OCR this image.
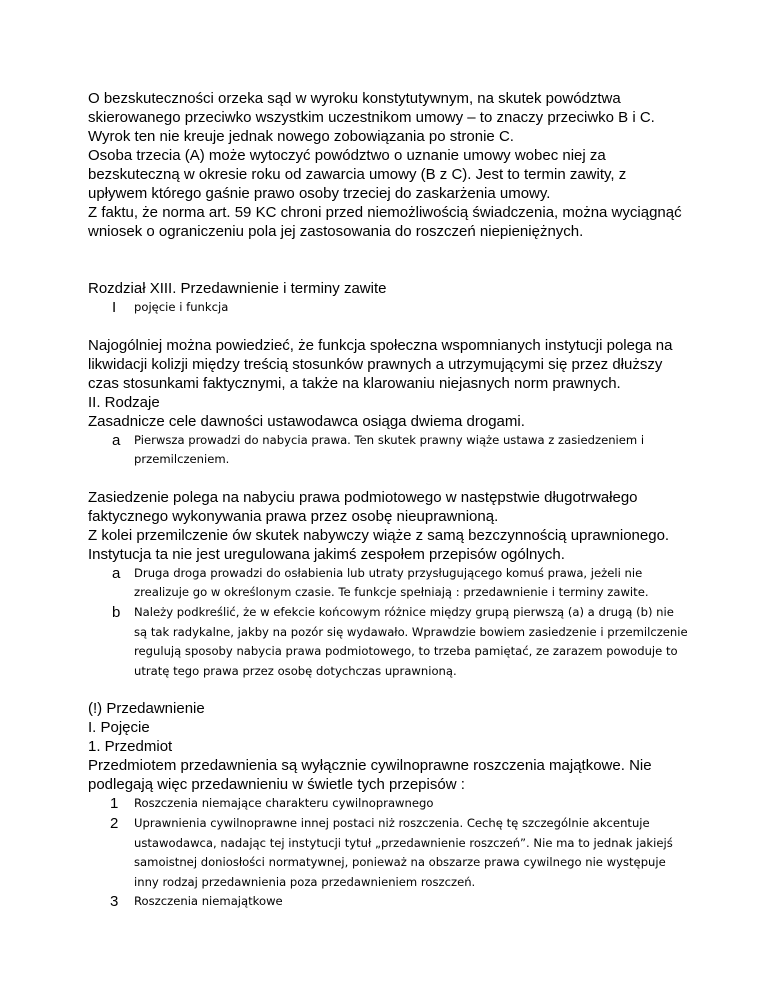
O bezskuteczności orzeka sąd w wyroku konstytutywnym, na skutek powództwa skierowanego przeciwko wszystkim uczestnikom umowy – to znaczy przeciwko B i C. Wyrok ten nie kreuje jednak nowego zobowiązania po stronie C.

Osoba trzecia (A) może wytoczyć powództwo o uznanie umowy wobec niej za bezskuteczną w okresie roku od zawarcia umowy (B z C). Jest to termin zawity, z upływem którego gaśnie prawo osoby trzeciej do zaskarżenia umowy.

Z faktu, że norma art. 59 KC chroni przed niemożliwością świadczenia, można wyciągnąć wniosek o ograniczeniu pola jej zastosowania do roszczeń niepieniężnych.

Rozdział XIII. Przedawnienie i terminy zawite

I pojęcie i funkcja

Najogólniej można powiedzieć, że funkcja społeczna wspomnianych instytucji polega na likwidacji kolizji między treścią stosunków prawnych a utrzymującymi się przez dłuższy czas stosunkami faktycznymi, a także na klarowaniu niejasnych norm prawnych.

II. Rodzaje

Zasadnicze cele dawności ustawodawca osiąga dwiema drogami.

a Pierwsza prowadzi do nabycia prawa. Ten skutek prawny wiąże ustawa z zasiedzeniem i przemilczeniem.

Zasiedzenie polega na nabyciu prawa podmiotowego w następstwie długotrwałego faktycznego wykonywania prawa przez osobę nieuprawnioną.

Z kolei przemilczenie ów skutek nabywczy wiąże z samą bezczynnością uprawnionego.

Instytucja ta nie jest uregulowana jakimś zespołem przepisów ogólnych.

a Druga droga prowadzi do osłabienia lub utraty przysługującego komuś prawa, jeżeli nie zrealizuje go w określonym czasie. Te funkcje spełniają : przedawnienie i terminy zawite.
b Należy podkreślić, że w efekcie końcowym różnice między grupą pierwszą (a) a drugą (b) nie są tak radykalne, jakby na pozór się wydawało. Wprawdzie bowiem zasiedzenie i przemilczenie regulują sposoby nabycia prawa podmiotowego, to trzeba pamiętać, ze zarazem powoduje to utratę tego prawa przez osobę dotychczas uprawnioną.

(!) Przedawnienie

I. Pojęcie

1. Przedmiot

Przedmiotem przedawnienia są wyłącznie cywilnoprawne roszczenia majątkowe. Nie podlegają więc przedawnieniu w świetle tych przepisów :

1 Roszczenia niemające charakteru cywilnoprawnego
2 Uprawnienia cywilnoprawne innej postaci niż roszczenia. Cechę tę szczególnie akcentuje ustawodawca, nadając tej instytucji tytuł „przedawnienie roszczeń”. Nie ma to jednak jakiejś samoistnej doniosłości normatywnej, ponieważ na obszarze prawa cywilnego nie występuje inny rodzaj przedawnienia poza przedawnieniem roszczeń.
3 Roszczenia niemajątkowe
